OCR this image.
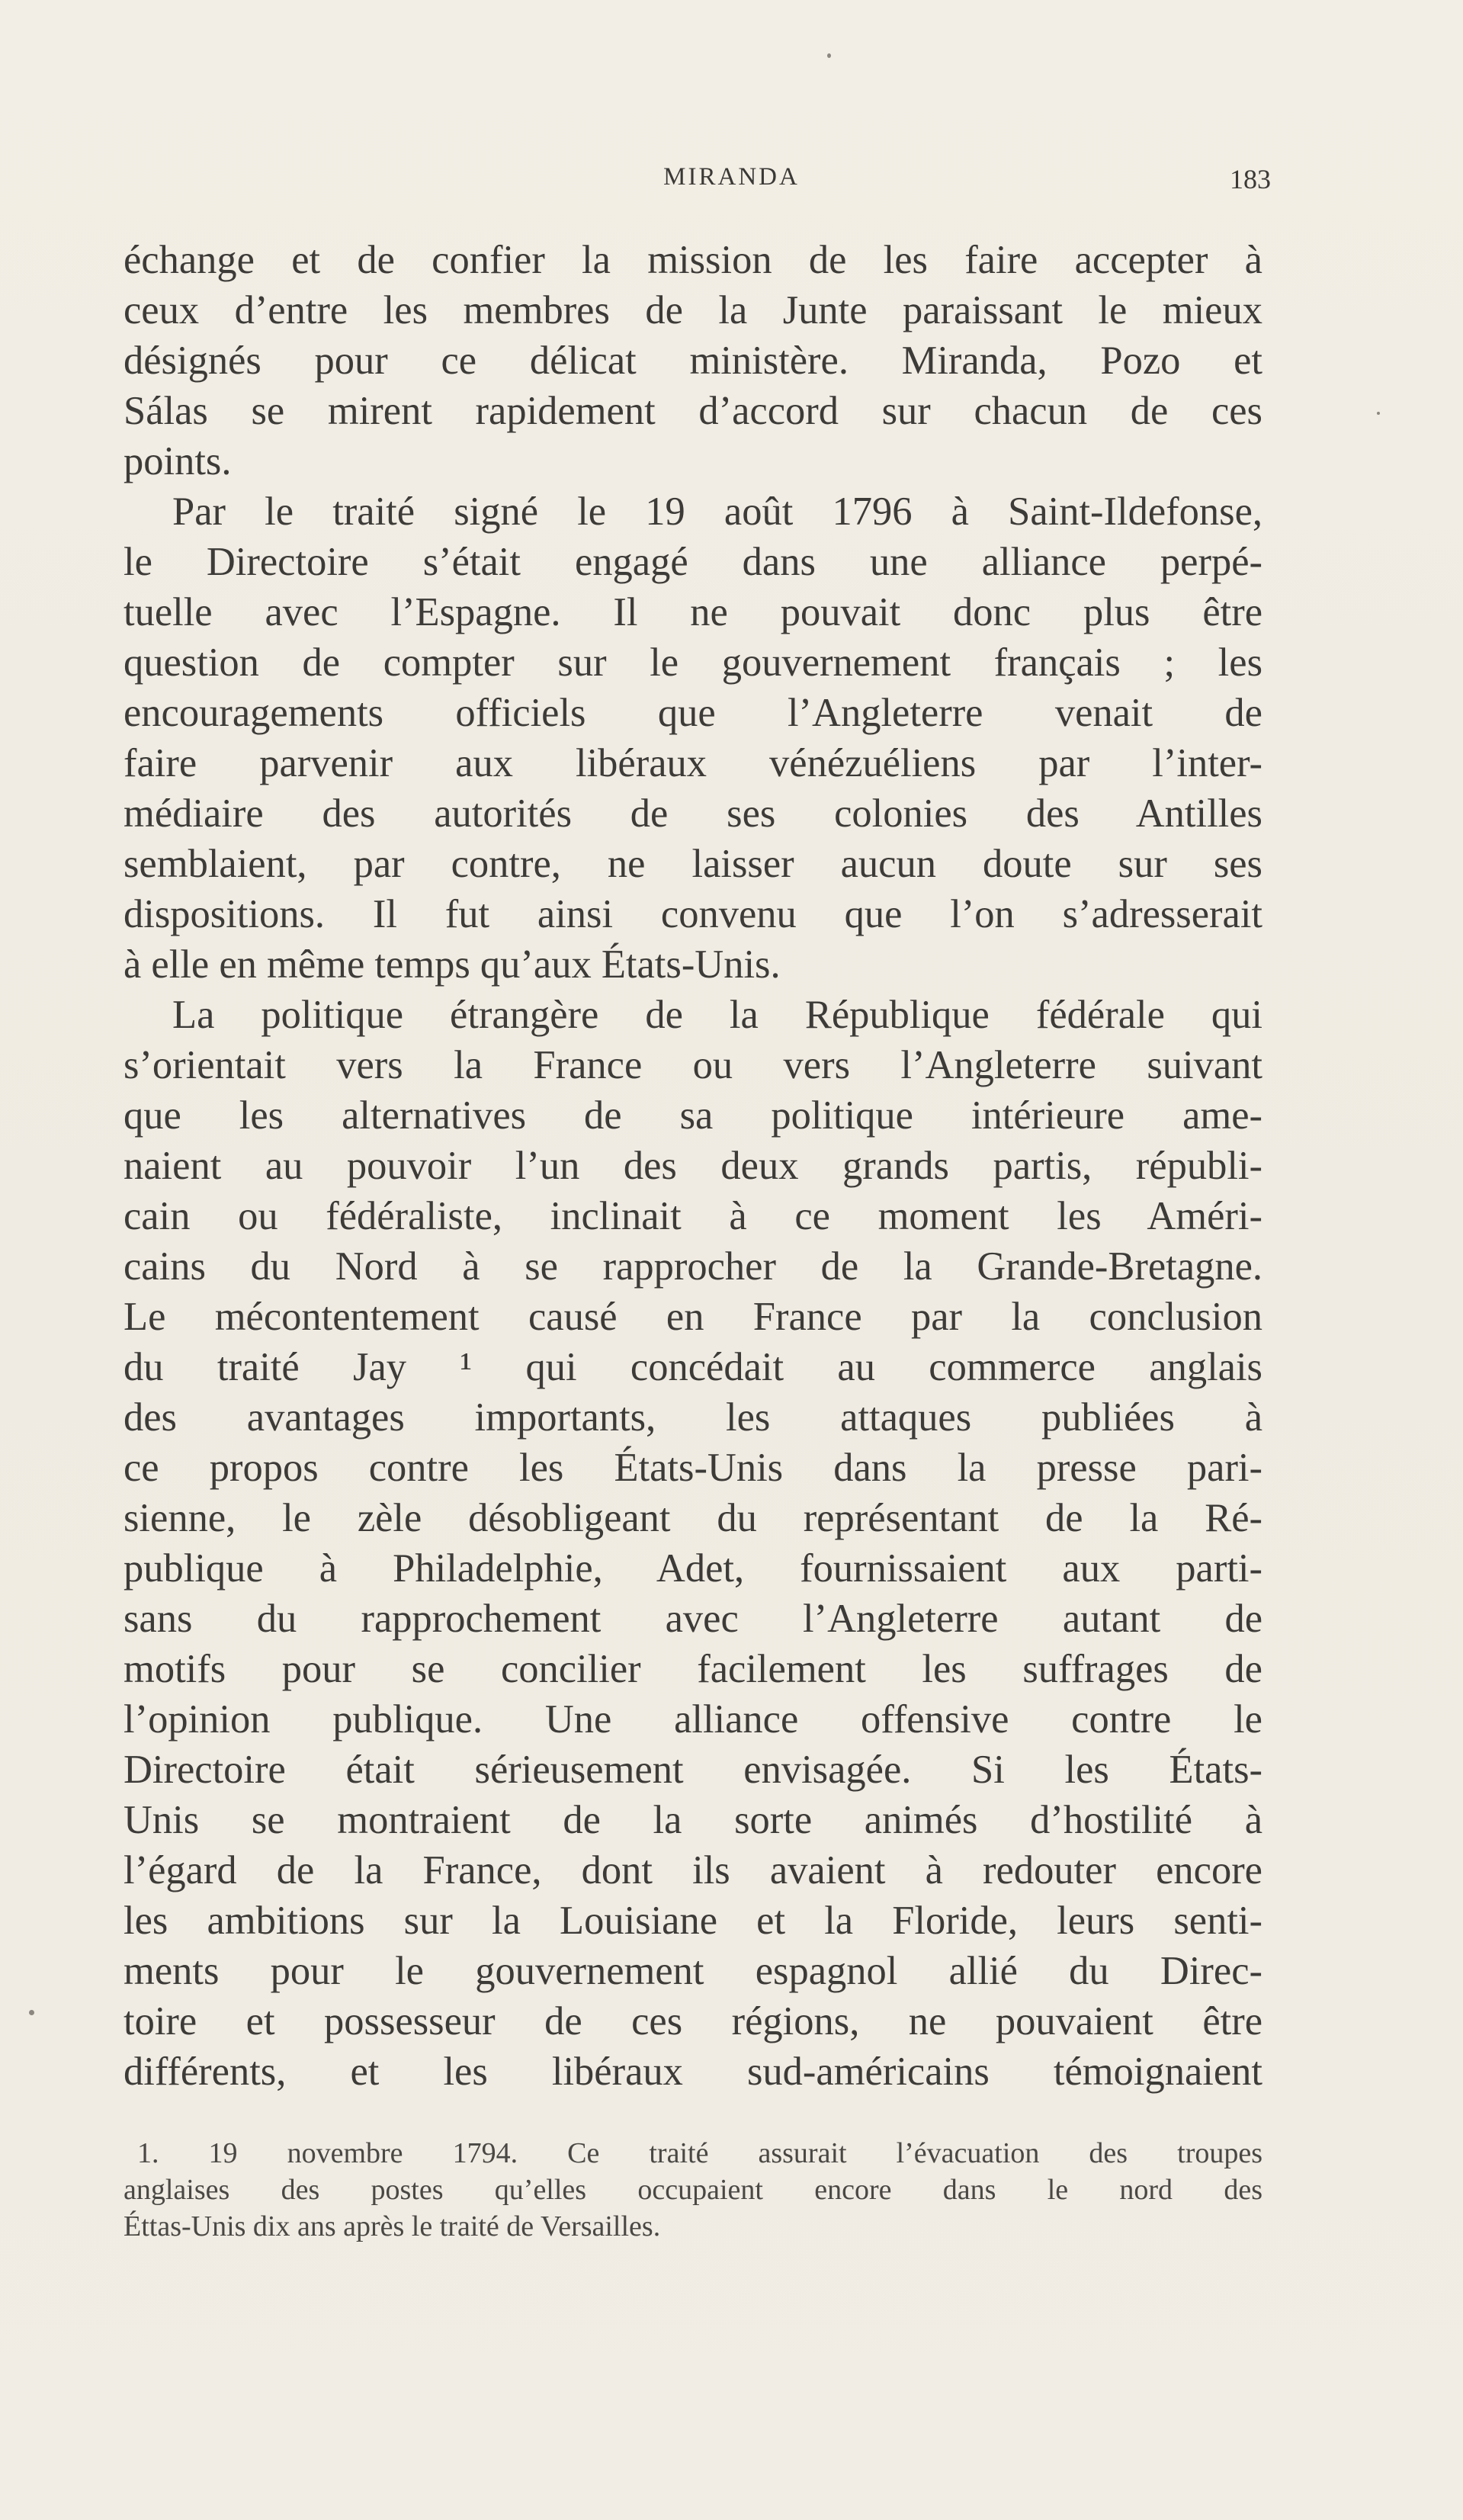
MIRANDA	183
échange et de confier la mission de les faire accepter à
ceux d’entre les membres de la Junte paraissant le mieux
désignés pour ce délicat ministère. Miranda, Pozo et
Sálas se mirent rapidement d’accord sur chacun de ces
points.
Par le traité signé le 19 août 1796 à Saint-Ildefonse,
le Directoire s’était engagé dans une alliance perpé-
tuelle avec l’Espagne. Il ne pouvait donc plus être
question de compter sur le gouvernement français ; les
encouragements officiels que l’Angleterre venait de
faire parvenir aux libéraux vénézuéliens par l’inter-
médiaire des autorités de ses colonies des Antilles
semblaient, par contre, ne laisser aucun doute sur ses
dispositions. Il fut ainsi convenu que l’on s’adresserait
à elle en même temps qu’aux États-Unis.
La politique étrangère de la République fédérale qui
s’orientait vers la France ou vers l’Angleterre suivant
que les alternatives de sa politique intérieure ame-
naient au pouvoir l’un des deux grands partis, républi-
cain ou fédéraliste, inclinait à ce moment les Améri-
cains du Nord à se rapprocher de la Grande-Bretagne.
Le mécontentement causé en France par la conclusion
du traité Jay ¹ qui concédait au commerce anglais
des avantages importants, les attaques publiées à
ce propos contre les États-Unis dans la presse pari-
sienne, le zèle désobligeant du représentant de la Ré-
publique à Philadelphie, Adet, fournissaient aux parti-
sans du rapprochement avec l’Angleterre autant de
motifs pour se concilier facilement les suffrages de
l’opinion publique. Une alliance offensive contre le
Directoire était sérieusement envisagée. Si les États-
Unis se montraient de la sorte animés d’hostilité à
l’égard de la France, dont ils avaient à redouter encore
les ambitions sur la Louisiane et la Floride, leurs senti-
ments pour le gouvernement espagnol allié du Direc-
toire et possesseur de ces régions, ne pouvaient être
différents, et les libéraux sud-américains témoignaient
1. 19 novembre 1794. Ce traité assurait l’évacuation des troupes
anglaises des postes qu’elles occupaient encore dans le nord des
Éttas-Unis dix ans après le traité de Versailles.
